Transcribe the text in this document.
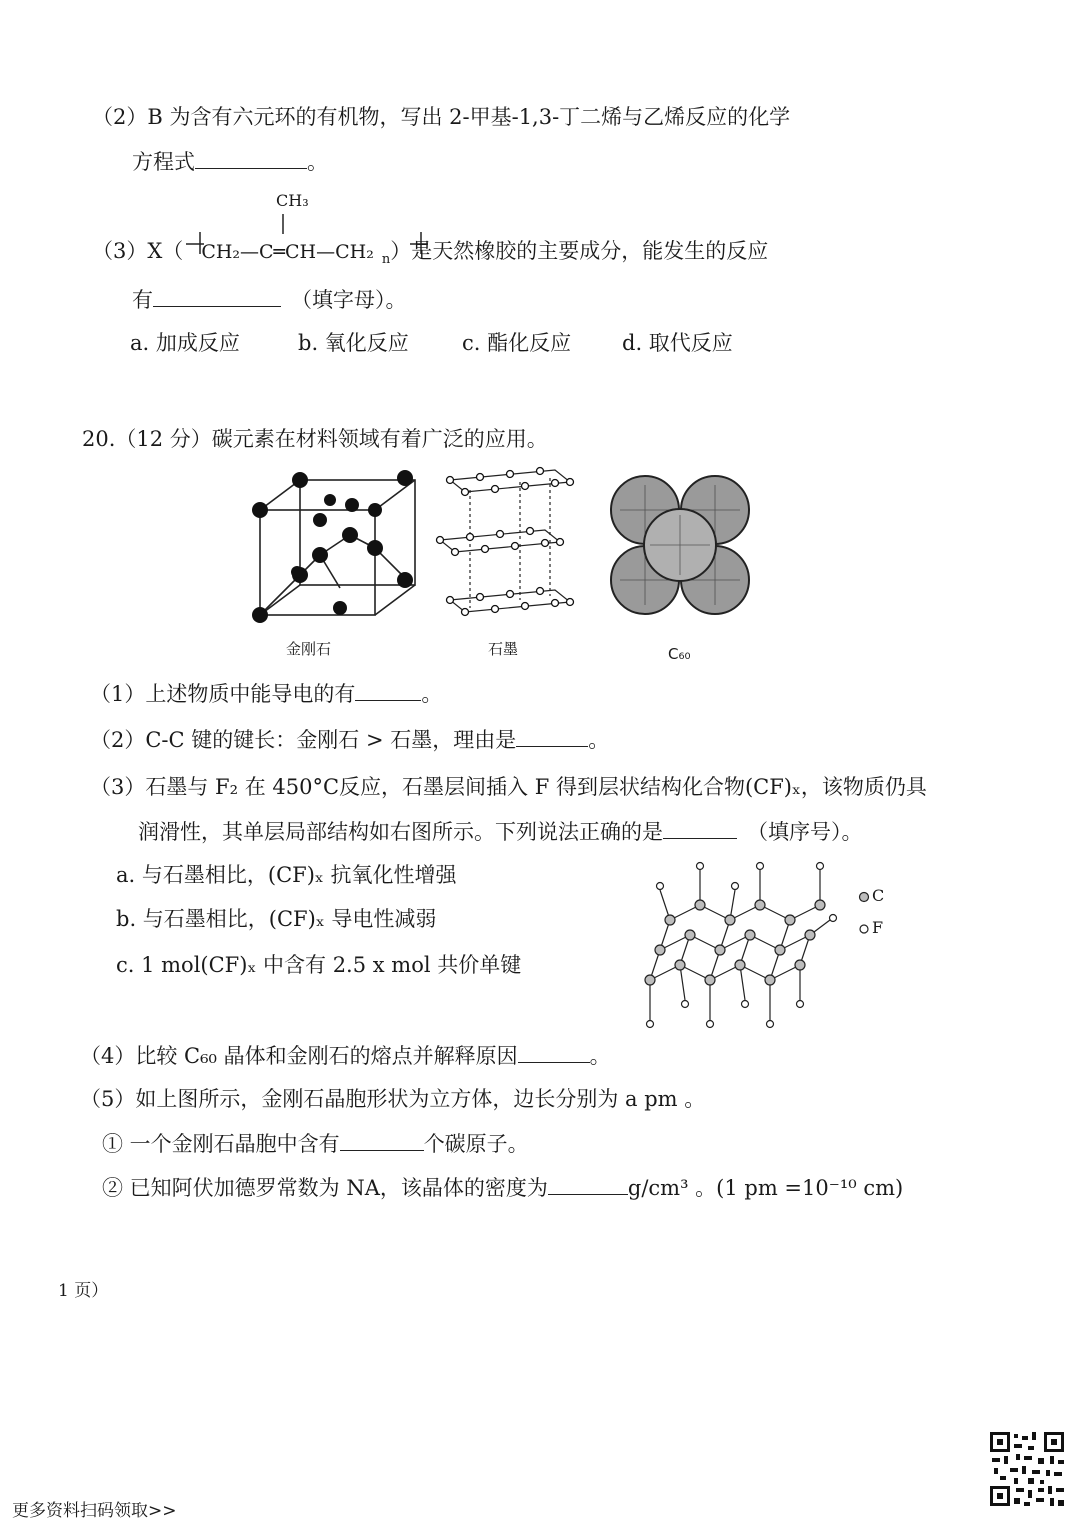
（2）B 为含有六元环的有机物，写出 2-甲基-1,3-丁二烯与乙烯反应的化学
方程式	。
CH₃
（3）X（ CH₂—C═CH—CH₂ $_n$）是天然橡胶的主要成分，能发生的反应
有	（填字母）。
a. 加成反应	b. 氧化反应	c. 酯化反应 d. 取代反应
20.（12 分）碳元素在材料领域有着广泛的应用。
金刚石	石墨	C₆₀
（1）上述物质中能导电的有	。
（2）C-C 键的键长：金刚石 > 石墨，理由是	。
（3）石墨与 F₂ 在 450°C反应，石墨层间插入 F 得到层状结构化合物(CF)ₓ，该物质仍具
润滑性，其单层局部结构如右图所示。下列说法正确的是	（填序号）。
a. 与石墨相比，(CF)ₓ 抗氧化性增强
b. 与石墨相比，(CF)ₓ 导电性减弱
c. 1 mol(CF)ₓ 中含有 2.5 x mol 共价单键
C
F
（4）比较 C₆₀ 晶体和金刚石的熔点并解释原因	。
（5）如上图所示，金刚石晶胞形状为立方体，边长分别为 a pm 。
① 一个金刚石晶胞中含有	个碳原子。
② 已知阿伏加德罗常数为 NA，该晶体的密度为	g/cm³ 。(1 pm =10⁻¹⁰ cm)
1 页）
更多资料扫码领取>>
